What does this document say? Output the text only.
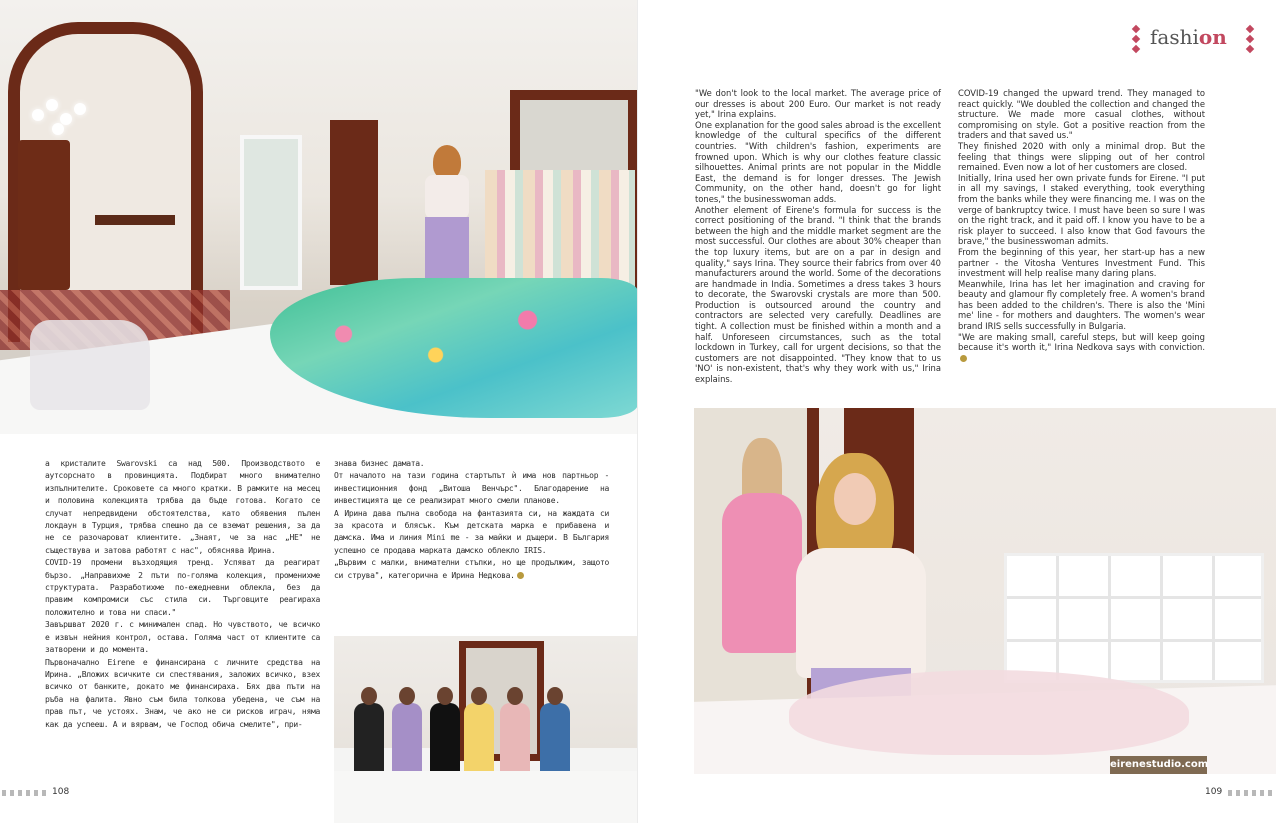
а кристалите Swarovski са над 500. Производството е аутсорснато в провинцията. Подбират много внимателно изпълнителите. Сроковете са много кратки. В рамките на месец и половина колекцията трябва да бъде готова. Когато се случат непредвидени обстоятелства, като обявения пълен локдаун в Турция, трябва спешно да се вземат решения, за да не се разочароват клиентите. „Знаят, че за нас „НЕ" не съществува и затова работят с нас", обяснява Ирина.

COVID-19 промени възходящия тренд. Успяват да реагират бързо. „Направихме 2 пъти по-голяма колекция, променихме структурата. Разработихме по-ежедневни облекла, без да правим компромиси със стила си. Търговците реагираха положително и това ни спаси."

Завършват 2020 г. с минимален спад. Но чувството, че всичко е извън нейния контрол, остава. Голяма част от клиентите са затворени и до момента.

Първоначално Eirene е финансирана с личните средства на Ирина. „Вложих всичките си спестявания, заложих всичко, взех всичко от банките, докато ме финансираха. Бях два пъти на ръба на фалита. Явно съм била толкова убедена, че съм на прав път, че устоях. Знам, че ако не си рисков играч, няма как да успееш. А и вярвам, че Господ обича смелите", при-

знава бизнес дамата.

От началото на тази година стартъпът ѝ има нов партньор - инвестиционния фонд „Витоша Венчърс". Благодарение на инвестицията ще се реализират много смели планове.

А Ирина дава пълна свобода на фантазията си, на жаждата си за красота и блясък. Към детската марка е прибавена и дамска. Има и линия Mini me - за майки и дъщери. В България успешно се продава марката дамско облекло IRIS.

„Вървим с малки, внимателни стъпки, но ще продължим, защото си струва", категорична е Ирина Недкова.

108
fashion

"We don't look to the local market. The average price of our dresses is about 200 Euro. Our market is not ready yet," Irina explains.

One explanation for the good sales abroad is the excellent knowledge of the cultural specifics of the different countries. "With children's fashion, experiments are frowned upon. Which is why our clothes feature classic silhouettes. Animal prints are not popular in the Middle East, the demand is for longer dresses. The Jewish Community, on the other hand, doesn't go for light tones," the businesswoman adds.

Another element of Eirene's formula for success is the correct positioning of the brand. "I think that the brands between the high and the middle market segment are the most successful. Our clothes are about 30% cheaper than the top luxury items, but are on a par in design and quality," says Irina. They source their fabrics from over 40 manufacturers around the world. Some of the decorations are handmade in India. Sometimes a dress takes 3 hours to decorate, the Swarovski crystals are more than 500. Production is outsourced around the country and contractors are selected very carefully. Deadlines are tight. A collection must be finished within a month and a half. Unforeseen circumstances, such as the total lockdown in Turkey, call for urgent decisions, so that the customers are not disappointed. "They know that to us 'NO' is non-existent, that's why they work with us," Irina explains.

COVID-19 changed the upward trend. They managed to react quickly. "We doubled the collection and changed the structure. We made more casual clothes, without compromising on style. Got a positive reaction from the traders and that saved us."

They finished 2020 with only a minimal drop. But the feeling that things were slipping out of her control remained. Even now a lot of her customers are closed.

Initially, Irina used her own private funds for Eirene. "I put in all my savings, I staked everything, took everything from the banks while they were financing me. I was on the verge of bankruptcy twice. I must have been so sure I was on the right track, and it paid off. I know you have to be a risk player to succeed. I also know that God favours the brave," the businesswoman admits.

From the beginning of this year, her start-up has a new partner - the Vitosha Ventures Investment Fund. This investment will help realise many daring plans.

Meanwhile, Irina has let her imagination and craving for beauty and glamour fly completely free. A women's brand has been added to the children's. There is also the 'Mini me' line - for mothers and daughters. The women's wear brand IRIS sells successfully in Bulgaria.

"We are making small, careful steps, but will keep going because it's worth it," Irina Nedkova says with conviction.

eirenestudio.com
109
